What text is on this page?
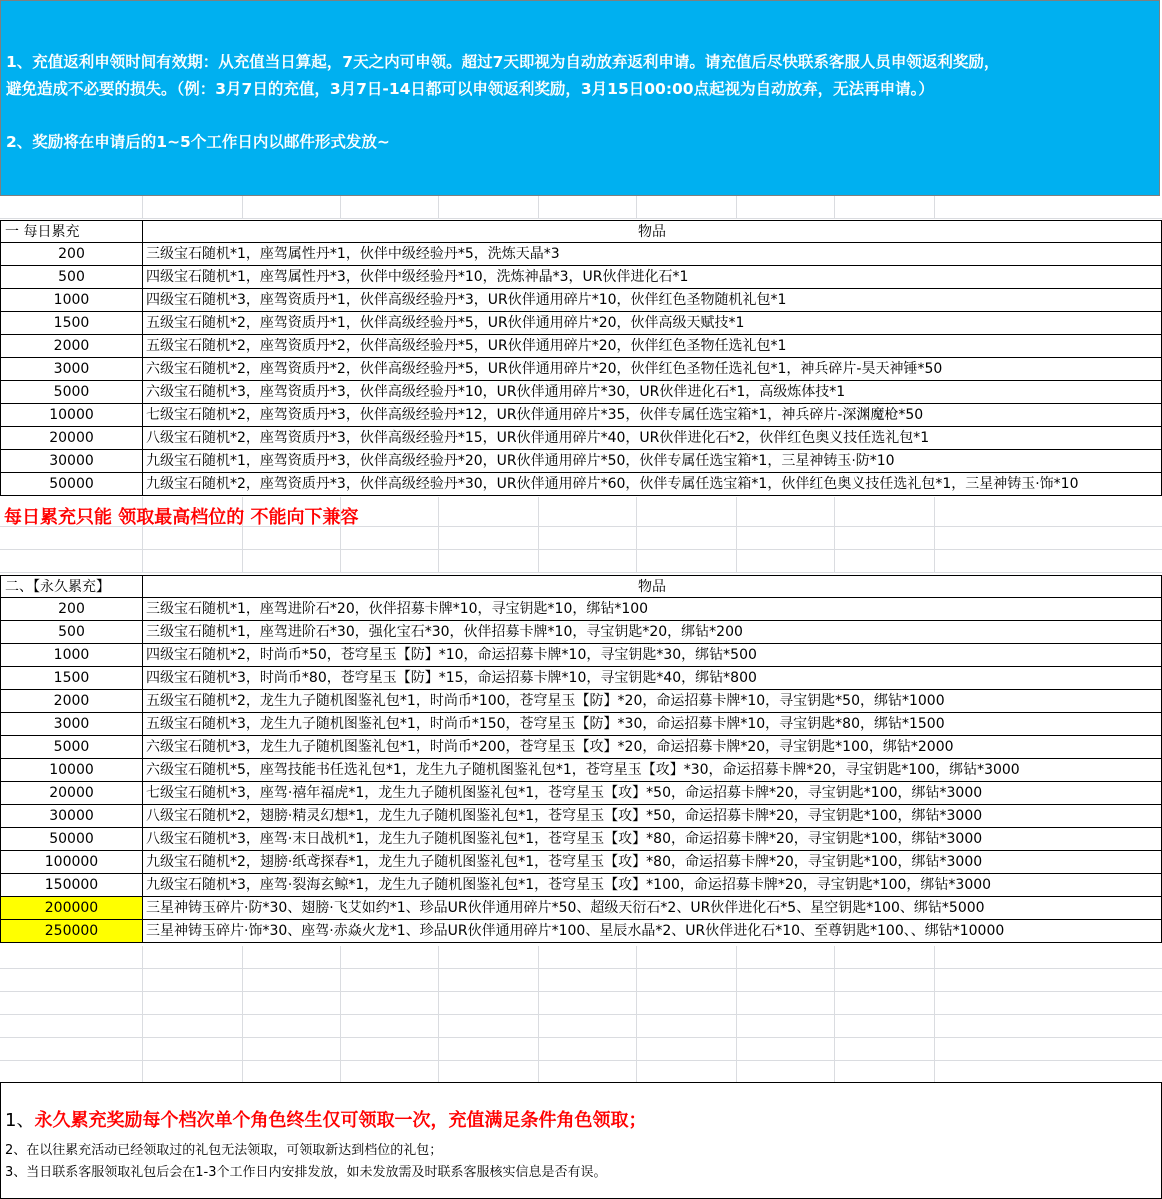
1、充值返利申领时间有效期：从充值当日算起，7天之内可申领。超过7天即视为自动放弃返利申请。请充值后尽快联系客服人员申领返利奖励，
避免造成不必要的损失。（例：3月7日的充值，3月7日-14日都可以申领返利奖励，3月15日00:00点起视为自动放弃，无法再申请。）
2、奖励将在申请后的1~5个工作日内以邮件形式发放~
一 每日累充	物品
200	三级宝石随机*1，座驾属性丹*1，伙伴中级经验丹*5，洗炼天晶*3
500	四级宝石随机*1，座驾属性丹*3，伙伴中级经验丹*10，洗炼神晶*3，UR伙伴进化石*1
1000	四级宝石随机*3，座驾资质丹*1，伙伴高级经验丹*3，UR伙伴通用碎片*10，伙伴红色圣物随机礼包*1
1500	五级宝石随机*2，座驾资质丹*1，伙伴高级经验丹*5，UR伙伴通用碎片*20，伙伴高级天赋技*1
2000	五级宝石随机*2，座驾资质丹*2，伙伴高级经验丹*5，UR伙伴通用碎片*20，伙伴红色圣物任选礼包*1
3000	六级宝石随机*2，座驾资质丹*2，伙伴高级经验丹*5，UR伙伴通用碎片*20，伙伴红色圣物任选礼包*1，神兵碎片-昊天神锤*50
5000	六级宝石随机*3，座驾资质丹*3，伙伴高级经验丹*10，UR伙伴通用碎片*30，UR伙伴进化石*1，高级炼体技*1
10000	七级宝石随机*2，座驾资质丹*3，伙伴高级经验丹*12，UR伙伴通用碎片*35，伙伴专属任选宝箱*1，神兵碎片-深渊魔枪*50
20000	八级宝石随机*2，座驾资质丹*3，伙伴高级经验丹*15，UR伙伴通用碎片*40，UR伙伴进化石*2，伙伴红色奥义技任选礼包*1
30000	九级宝石随机*1，座驾资质丹*3，伙伴高级经验丹*20，UR伙伴通用碎片*50，伙伴专属任选宝箱*1，三星神铸玉·防*10
50000	九级宝石随机*2，座驾资质丹*3，伙伴高级经验丹*30，UR伙伴通用碎片*60，伙伴专属任选宝箱*1，伙伴红色奥义技任选礼包*1，三星神铸玉·饰*10
每日累充只能 领取最高档位的 不能向下兼容
二、【永久累充】	物品
200	三级宝石随机*1，座驾进阶石*20，伙伴招募卡牌*10，寻宝钥匙*10，绑钻*100
500	三级宝石随机*1，座驾进阶石*30，强化宝石*30，伙伴招募卡牌*10，寻宝钥匙*20，绑钻*200
1000	四级宝石随机*2，时尚币*50，苍穹星玉【防】*10，命运招募卡牌*10，寻宝钥匙*30，绑钻*500
1500	四级宝石随机*3，时尚币*80，苍穹星玉【防】*15，命运招募卡牌*10，寻宝钥匙*40，绑钻*800
2000	五级宝石随机*2，龙生九子随机图鉴礼包*1，时尚币*100，苍穹星玉【防】*20，命运招募卡牌*10，寻宝钥匙*50，绑钻*1000
3000	五级宝石随机*3，龙生九子随机图鉴礼包*1，时尚币*150，苍穹星玉【防】*30，命运招募卡牌*10，寻宝钥匙*80，绑钻*1500
5000	六级宝石随机*3，龙生九子随机图鉴礼包*1，时尚币*200，苍穹星玉【攻】*20，命运招募卡牌*20，寻宝钥匙*100，绑钻*2000
10000	六级宝石随机*5，座驾技能书任选礼包*1，龙生九子随机图鉴礼包*1，苍穹星玉【攻】*30，命运招募卡牌*20，寻宝钥匙*100，绑钻*3000
20000	七级宝石随机*3，座驾·禧年福虎*1，龙生九子随机图鉴礼包*1，苍穹星玉【攻】*50，命运招募卡牌*20，寻宝钥匙*100，绑钻*3000
30000	八级宝石随机*2，翅膀·精灵幻想*1，龙生九子随机图鉴礼包*1，苍穹星玉【攻】*50，命运招募卡牌*20，寻宝钥匙*100，绑钻*3000
50000	八级宝石随机*3，座驾·末日战机*1，龙生九子随机图鉴礼包*1，苍穹星玉【攻】*80，命运招募卡牌*20，寻宝钥匙*100，绑钻*3000
100000	九级宝石随机*2，翅膀·纸鸢探春*1，龙生九子随机图鉴礼包*1，苍穹星玉【攻】*80，命运招募卡牌*20，寻宝钥匙*100，绑钻*3000
150000	九级宝石随机*3，座驾·裂海玄鲸*1，龙生九子随机图鉴礼包*1，苍穹星玉【攻】*100，命运招募卡牌*20，寻宝钥匙*100，绑钻*3000
200000	三星神铸玉碎片·防*30、翅膀·飞艾如约*1、珍品UR伙伴通用碎片*50、超级天衍石*2、UR伙伴进化石*5、星空钥匙*100、绑钻*5000
250000	三星神铸玉碎片·饰*30、座驾·赤焱火龙*1、珍品UR伙伴通用碎片*100、星辰水晶*2、UR伙伴进化石*10、至尊钥匙*100、、绑钻*10000
1、永久累充奖励每个档次单个角色终生仅可领取一次，充值满足条件角色领取；
2、在以往累充活动已经领取过的礼包无法领取，可领取新达到档位的礼包；
3、当日联系客服领取礼包后会在1-3个工作日内安排发放，如未发放需及时联系客服核实信息是否有误。
